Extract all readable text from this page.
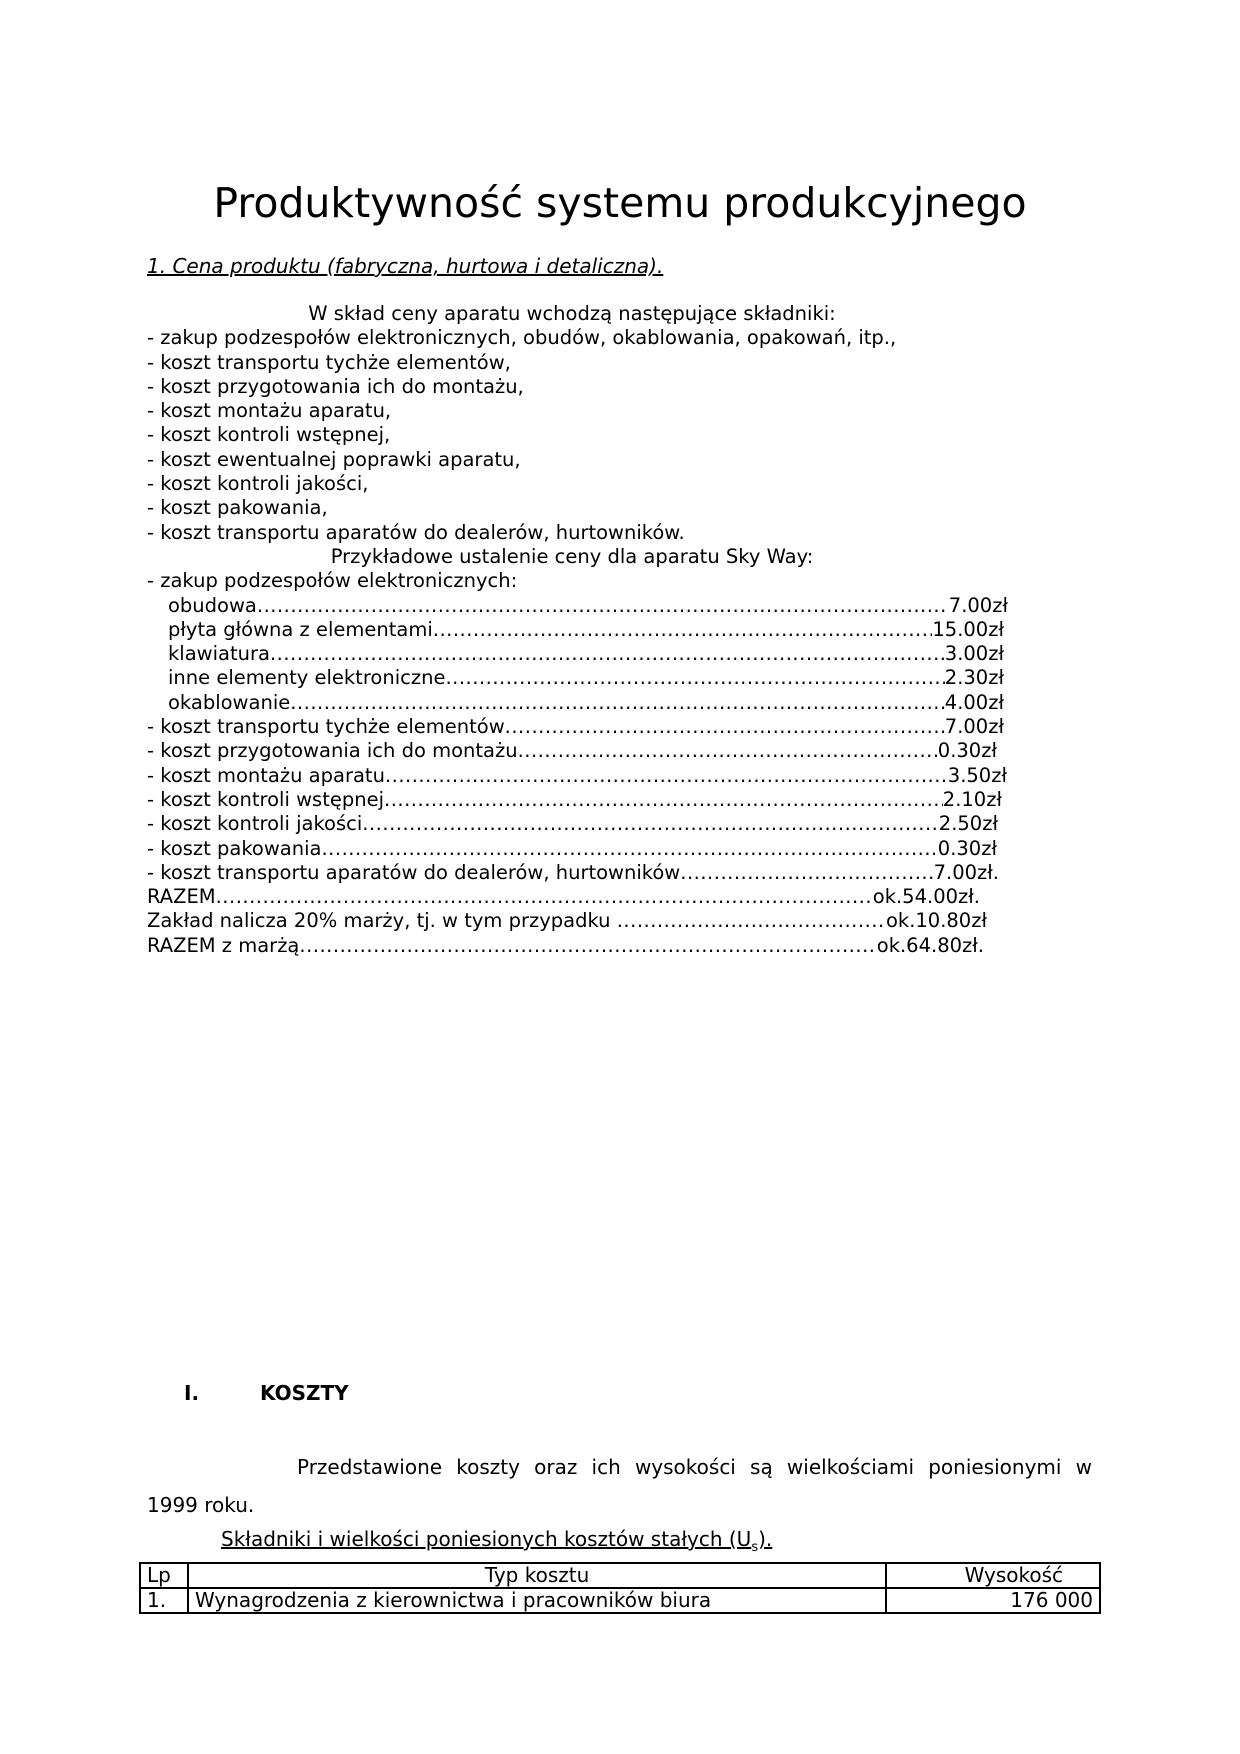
Produktywność systemu produkcyjnego
1. Cena produktu (fabryczna, hurtowa i detaliczna).
W skład ceny aparatu wchodzą następujące składniki:
- zakup podzespołów elektronicznych, obudów, okablowania, opakowań, itp.,
- koszt transportu tychże elementów,
- koszt przygotowania ich do montażu,
- koszt montażu aparatu,
- koszt kontroli wstępnej,
- koszt ewentualnej poprawki aparatu,
- koszt kontroli jakości,
- koszt pakowania,
- koszt transportu aparatów do dealerów, hurtowników.
Przykładowe ustalenie ceny dla aparatu Sky Way:
- zakup podzespołów elektronicznych:
obudowa .....	7.00zł
płyta główna z elementami .....	15.00zł
klawiatura .....	3.00zł
inne elementy elektroniczne .....	2.30zł
okablowanie .....	4.00zł
- koszt transportu tychże elementów .....	7.00zł
- koszt przygotowania ich do montażu .....	0.30zł
- koszt montażu aparatu .....	3.50zł
- koszt kontroli wstępnej .....	2.10zł
- koszt kontroli jakości .....	2.50zł
- koszt pakowania .....	0.30zł
- koszt transportu aparatów do dealerów, hurtowników .....	7.00zł.
RAZEM .....	ok.54.00zł.
Zakład nalicza 20% marży, tj. w tym przypadku .....	ok.10.80zł
RAZEM z marżą .....	ok.64.80zł.
I.	KOSZTY
Przedstawione koszty oraz ich wysokości są wielkościami poniesionymi w
1999 roku.
Składniki i wielkości poniesionych kosztów stałych $(U_s)$.
Lp	Typ kosztu	Wysokość
1.	Wynagrodzenia z kierownictwa i pracowników biura	176 000
